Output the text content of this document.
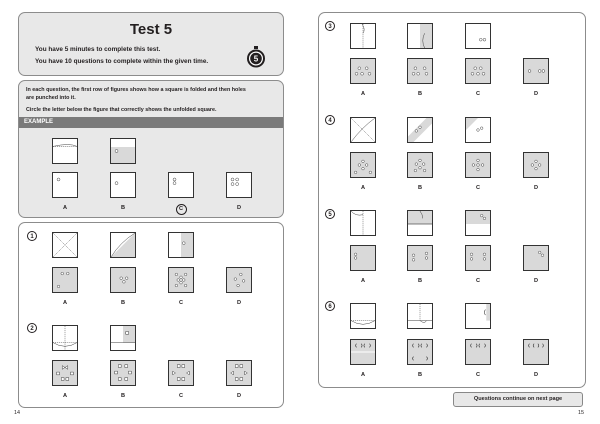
Test 5
You have 5 minutes to complete this test.
You have 10 questions to complete within the given time.	5
In each question, the first row of figures shows how a square is folded and then holes
are punched into it.
Circle the letter below the figure that correctly shows the unfolded square.
EXAMPLE
A	B	C	D
1
2
A	B	C	D
A	B	C	D
14
3
4
5
6
A	B	C	D
A	B	C	D
A	B	C	D
A	B	C	D
Questions continue on next page
15
